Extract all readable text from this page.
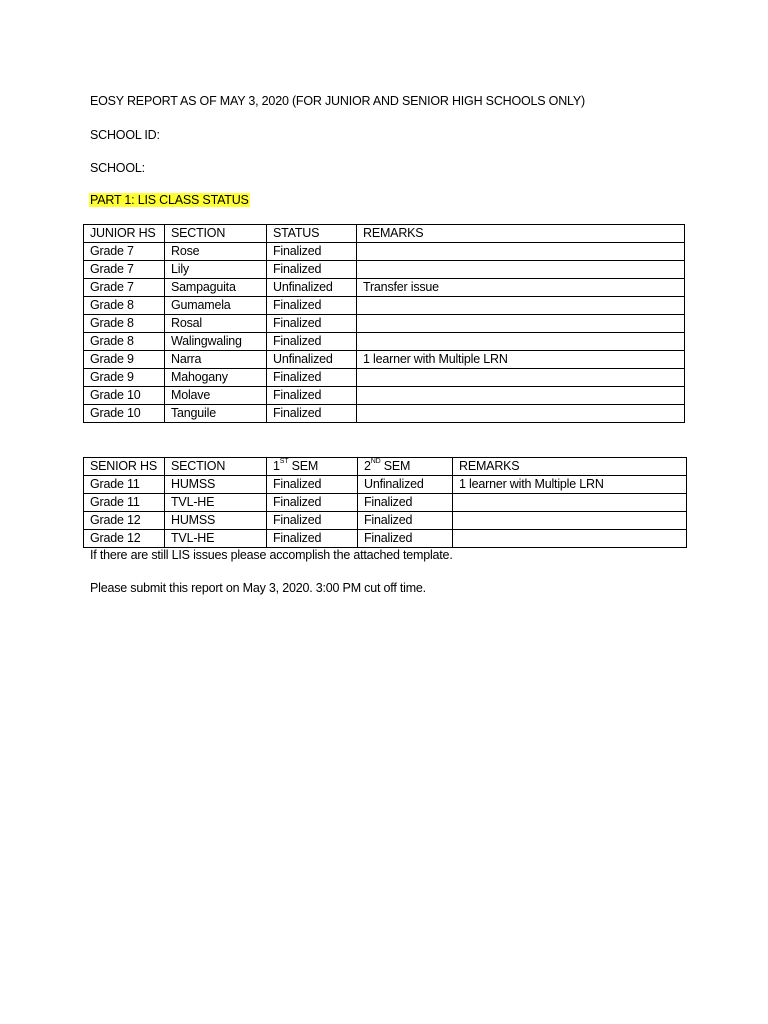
EOSY REPORT AS OF MAY 3, 2020 (FOR JUNIOR AND SENIOR HIGH SCHOOLS ONLY)
SCHOOL ID:
SCHOOL:
PART 1: LIS CLASS STATUS
JUNIOR HS	SECTION	STATUS	REMARKS
Grade 7	Rose	Finalized	
Grade 7	Lily	Finalized	
Grade 7	Sampaguita	Unfinalized	Transfer issue
Grade 8	Gumamela	Finalized	
Grade 8	Rosal	Finalized	
Grade 8	Walingwaling	Finalized	
Grade 9	Narra	Unfinalized	1 learner with Multiple LRN
Grade 9	Mahogany	Finalized	
Grade 10	Molave	Finalized	
Grade 10	Tanguile	Finalized	
SENIOR HS	SECTION	1ST SEM	2ND SEM	REMARKS
Grade 11	HUMSS	Finalized	Unfinalized	1 learner with Multiple LRN
Grade 11	TVL-HE	Finalized	Finalized	
Grade 12	HUMSS	Finalized	Finalized	
Grade 12	TVL-HE	Finalized	Finalized	
If there are still LIS issues please accomplish the attached template.
Please submit this report on May 3, 2020. 3:00 PM cut off time.
